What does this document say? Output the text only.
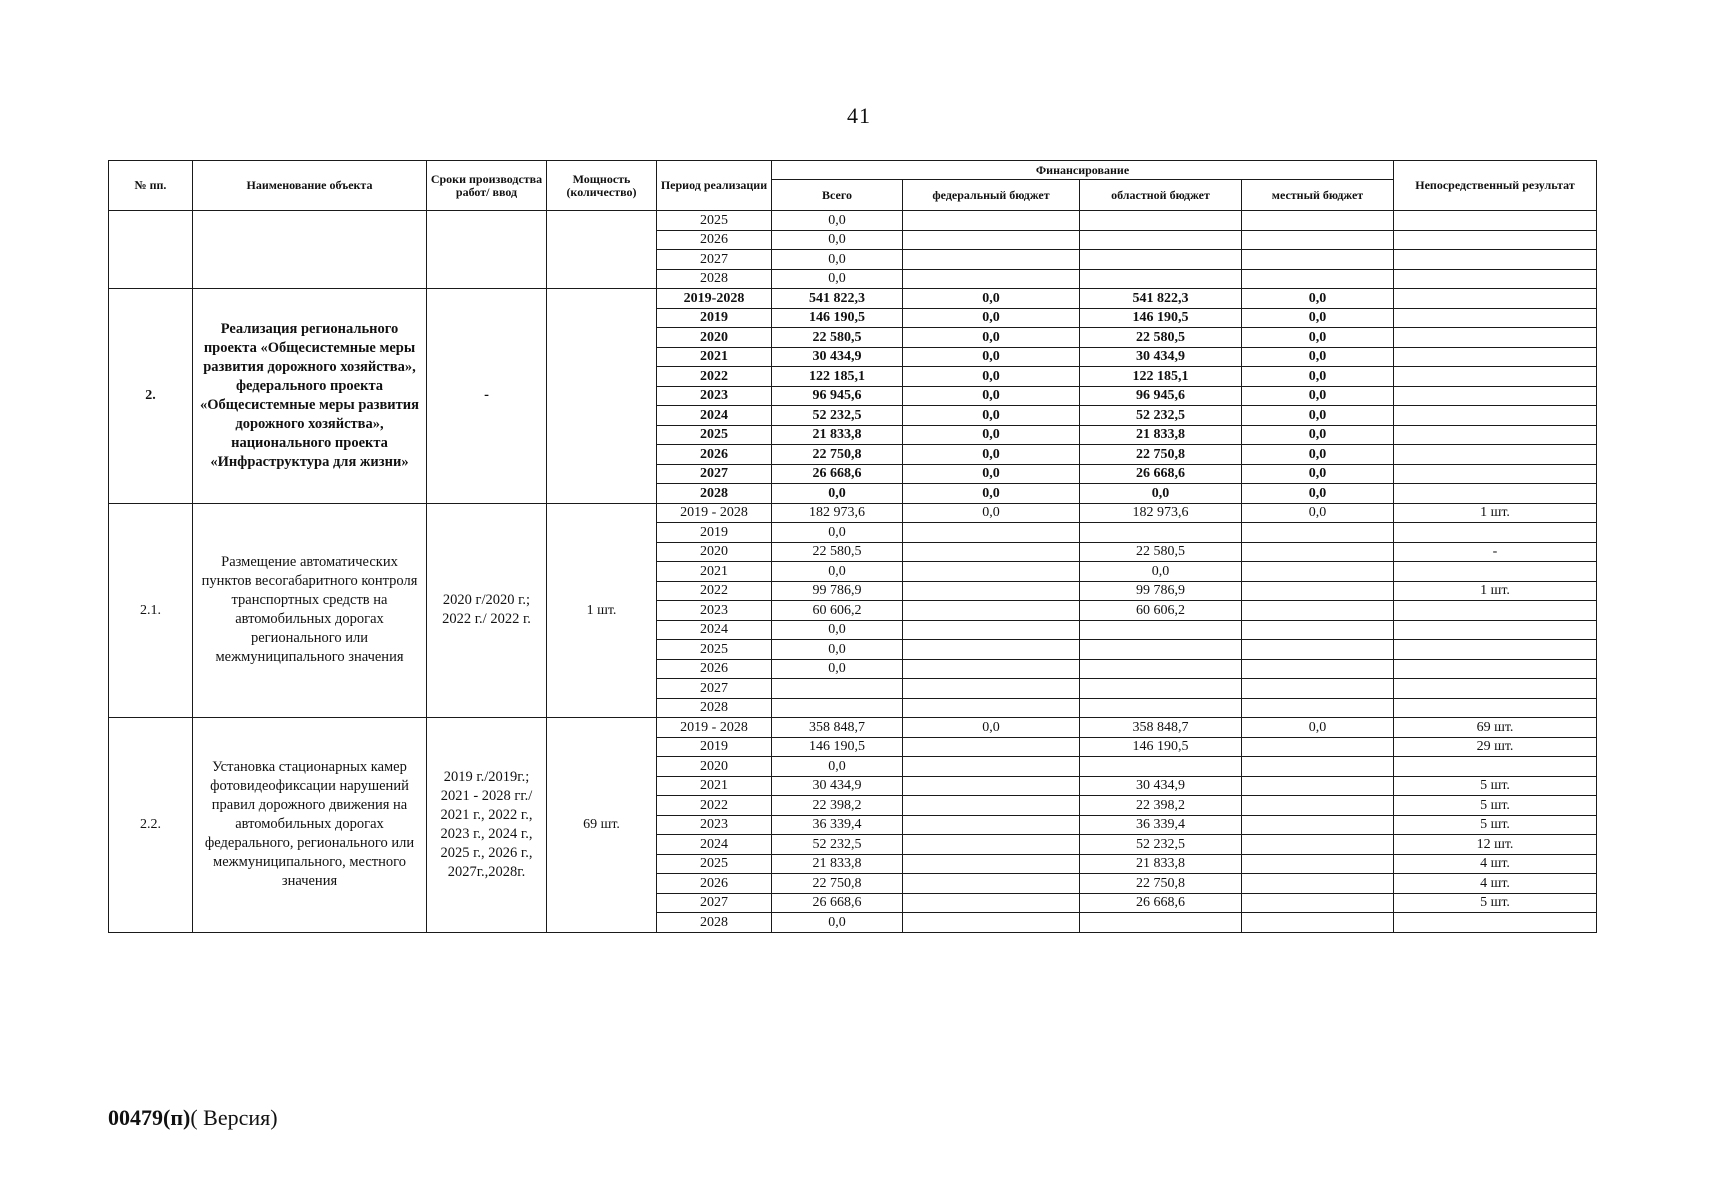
41
№ пп.	Наименование объекта	Сроки производства работ/ ввод	Мощность (количество)	Период реализации	Финансирование				Непосредственный результат
					Всего	федеральный бюджет	областной бюджет	местный бюджет	
				2025	0,0				
				2026	0,0				
				2027	0,0				
				2028	0,0				
2.	Реализация регионального проекта «Общесистемные меры развития дорожного хозяйства», федерального проекта «Общесистемные меры развития дорожного хозяйства», национального проекта «Инфраструктура для жизни»	-		2019-2028	541 822,3	0,0	541 822,3	0,0	
				2019	146 190,5	0,0	146 190,5	0,0	
				2020	22 580,5	0,0	22 580,5	0,0	
				2021	30 434,9	0,0	30 434,9	0,0	
				2022	122 185,1	0,0	122 185,1	0,0	
				2023	96 945,6	0,0	96 945,6	0,0	
				2024	52 232,5	0,0	52 232,5	0,0	
				2025	21 833,8	0,0	21 833,8	0,0	
				2026	22 750,8	0,0	22 750,8	0,0	
				2027	26 668,6	0,0	26 668,6	0,0	
				2028	0,0	0,0	0,0	0,0	
2.1.	Размещение автоматических пунктов весогабаритного контроля транспортных средств на автомобильных дорогах регионального или межмуниципального значения	2020 г/2020 г.; 2022 г./ 2022 г.	1 шт.	2019 - 2028	182 973,6	0,0	182 973,6	0,0	1 шт.
				2019	0,0				
				2020	22 580,5		22 580,5		-
				2021	0,0		0,0		
				2022	99 786,9		99 786,9		1 шт.
				2023	60 606,2		60 606,2		
				2024	0,0				
				2025	0,0				
				2026	0,0				
				2027					
				2028					
2.2.	Установка стационарных камер фотовидеофиксации нарушений правил дорожного движения на автомобильных дорогах федерального, регионального или межмуниципального, местного значения	2019 г./2019г.; 2021 - 2028 гг./ 2021 г., 2022 г., 2023 г., 2024 г., 2025 г., 2026 г., 2027г.,2028г.	69 шт.	2019 - 2028	358 848,7	0,0	358 848,7	0,0	69 шт.
				2019	146 190,5		146 190,5		29 шт.
				2020	0,0				
				2021	30 434,9		30 434,9		5 шт.
				2022	22 398,2		22 398,2		5 шт.
				2023	36 339,4		36 339,4		5 шт.
				2024	52 232,5		52 232,5		12 шт.
				2025	21 833,8		21 833,8		4 шт.
				2026	22 750,8		22 750,8		4 шт.
				2027	26 668,6		26 668,6		5 шт.
				2028	0,0				
00479(п)( Версия)
